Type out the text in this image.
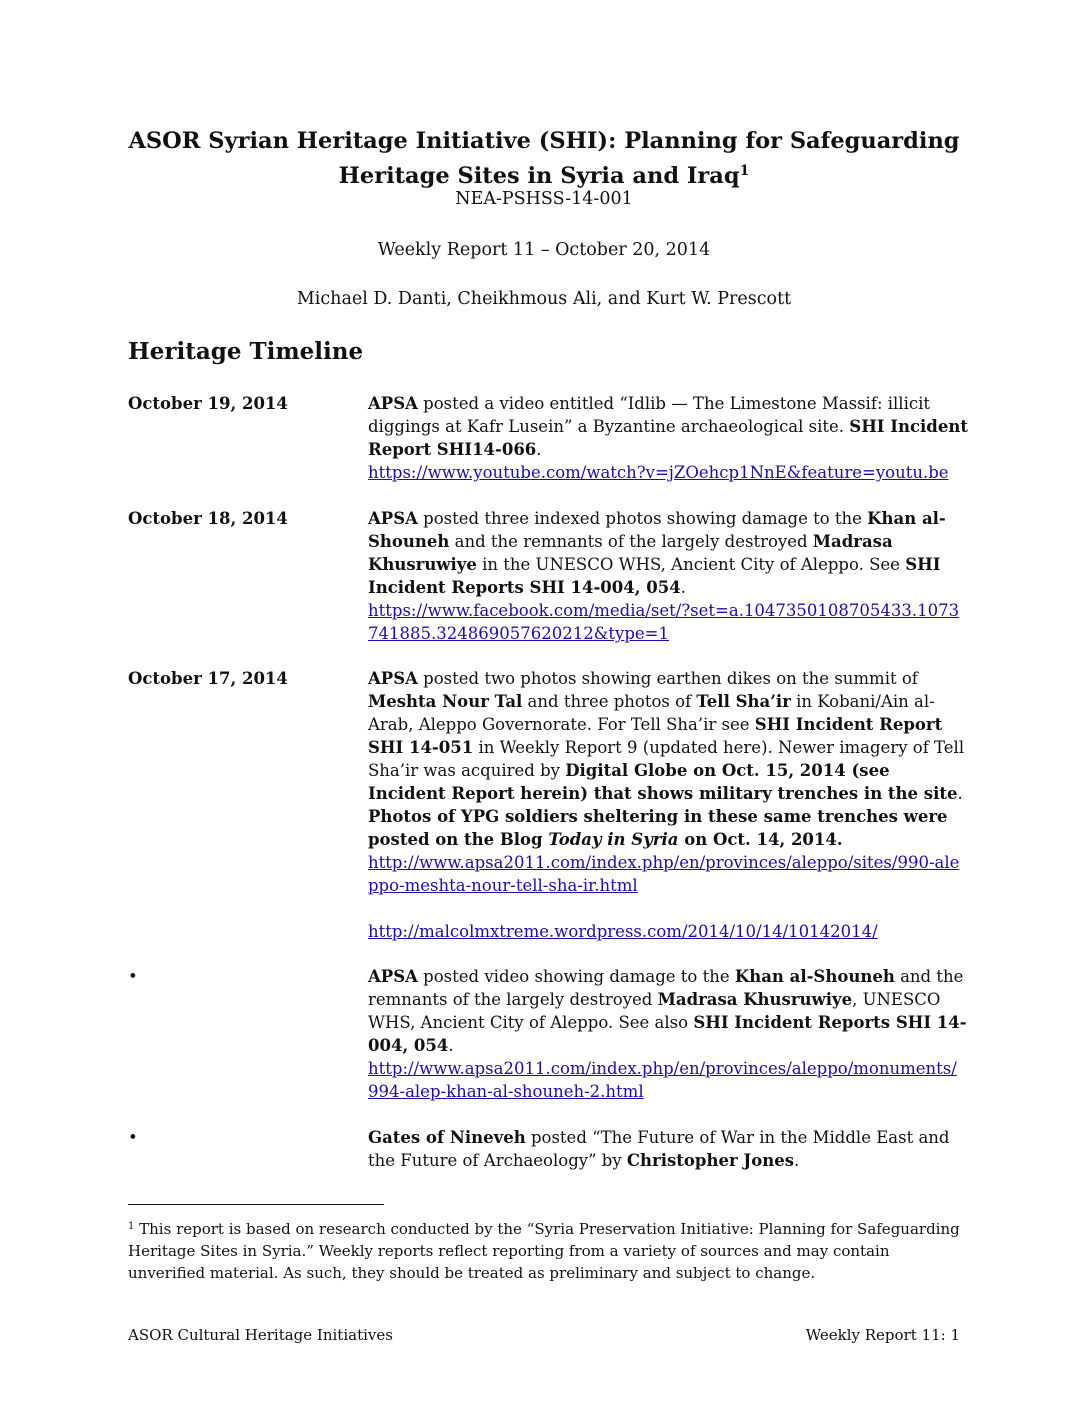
ASOR Syrian Heritage Initiative (SHI): Planning for Safeguarding
Heritage Sites in Syria and Iraq$^1$
NEA-PSHSS-14-001
Weekly Report 11 – October 20, 2014
Michael D. Danti, Cheikhmous Ali, and Kurt W. Prescott
Heritage Timeline
October 19, 2014	APSA posted a video entitled “Idlib — The Limestone Massif: illicit diggings at Kafr Lusein” a Byzantine archaeological site. SHI Incident Report SHI14-066.
https://www.youtube.com/watch?v=jZOehcp1NnE&feature=youtu.be
October 18, 2014	APSA posted three indexed photos showing damage to the Khan al-Shouneh and the remnants of the largely destroyed Madrasa Khusruwiye in the UNESCO WHS, Ancient City of Aleppo. See SHI Incident Reports SHI 14-004, 054.
https://www.facebook.com/media/set/?set=a.1047350108705433.1073741885.324869057620212&type=1
October 17, 2014	APSA posted two photos showing earthen dikes on the summit of Meshta Nour Tal and three photos of Tell Sha’ir in Kobani/Ain al-Arab, Aleppo Governorate. For Tell Sha’ir see SHI Incident Report SHI 14-051 in Weekly Report 9 (updated here). Newer imagery of Tell Sha’ir was acquired by Digital Globe on Oct. 15, 2014 (see Incident Report herein) that shows military trenches in the site. Photos of YPG soldiers sheltering in these same trenches were posted on the Blog Today in Syria on Oct. 14, 2014.
http://www.apsa2011.com/index.php/en/provinces/aleppo/sites/990-aleppo-meshta-nour-tell-sha-ir.html
http://malcolmxtreme.wordpress.com/2014/10/14/10142014/
•	APSA posted video showing damage to the Khan al-Shouneh and the remnants of the largely destroyed Madrasa Khusruwiye, UNESCO WHS, Ancient City of Aleppo. See also SHI Incident Reports SHI 14-004, 054.
http://www.apsa2011.com/index.php/en/provinces/aleppo/monuments/994-alep-khan-al-shouneh-2.html
•	Gates of Nineveh posted “The Future of War in the Middle East and the Future of Archaeology” by Christopher Jones.
$^1$ This report is based on research conducted by the “Syria Preservation Initiative: Planning for Safeguarding Heritage Sites in Syria.” Weekly reports reflect reporting from a variety of sources and may contain unverified material. As such, they should be treated as preliminary and subject to change.
ASOR Cultural Heritage Initiatives	Weekly Report 11: 1
